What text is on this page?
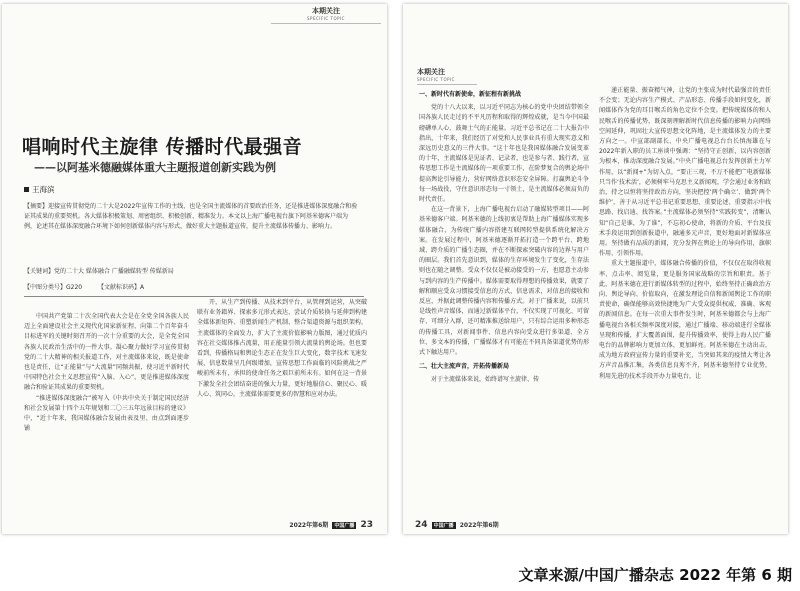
本期关注
SPECIFIC TOPIC
唱响时代主旋律 传播时代最强音
——以阿基米德融媒体重大主题报道创新实践为例
王海滨
【摘要】迎接宣传贯彻党的二十大是2022年宣传工作的主线，也是全国主流媒体的首要政治任务，还是推进媒体深度融合和验证其成果的重要契机。各大媒体积极策划、周密组织、积极创新、精准发力。本文以上海广播电视台旗下阿基米德客户端为例，论述其在媒体深度融合环境下如何创新媒体内容与形式，做好重大主题报道宣传，提升主流媒体传播力、影响力。
【关键词】党的二十大 媒体融合 广播融媒转型 传媒新局
【中图分类号】G220	【文献标识码】A

中国共产党第二十次全国代表大会是在全党全国各族人民迈上全面建设社会主义现代化国家新征程、向第二个百年奋斗目标进军的关键时刻召开的一次十分重要的大会，是全党全国各族人民政治生活中的一件大事。凝心聚力做好学习宣传贯彻党的二十大精神的相关报道工作，对主流媒体来说，既是使命也是责任，让“正能量”与“大流量”同频共振，使习近平新时代中国特色社会主义思想宣传“入脑、入心”，更是推进媒体深度融合和验证其成果的重要契机。

“推进媒体深度融合”被写入《中共中央关于制定国民经济和社会发展第十四个五年规划和二〇三五年远景目标的建议》中，“近十年来，我国媒体融合发展由表及里、由点到面逐步铺

开，从生产到传播、从技术到平台、从管理到运营，从突破联有业务籍界、探索多元形式表达、尝试介质转换与延伸到构建全媒体新矩阵、重塑新闻生产机制、整合渠道资源与组织架构，主流媒体的全面发力，扩大了主流价值影响力版图，通过优质内容在社交媒体推占流量，用正能量引领大流量的舆论场。但也要看到，传播格局和舆论生态正在发生巨大变化，数字技术飞速发展，信息数量呈几何级增加，宣传思想工作面临的风险挑战之严峻前所未有，承担的使命任务之艰巨前所未有。如何在这一背景下激发全社会团结奋进的强大力量，更好地服信心、聚民心、暖人心、筑同心，主流媒体需要更多的智慧和应对办法。

2022年第6期 中国广播 23
本期关注
SPECIFIC TOPIC

一、新时代有新使命，新征程有新挑战

党的十八大以来，以习近平同志为核心的党中央团结带领全国各族人民走过的不平凡历程和取得的辉煌成就，是当今中国最磅礴单人心、鼓舞士气的正能量。习近平总书记在二十大报告中指出，十年来，我们经历了对党和人民事业具有重大现实意义和深远历史意义的三件大事。“这十年也是我国媒体融合发展变革的十年，主流媒体是见证者、记录者，也是参与者、践行者，宣传思想工作是主流媒体的一项重要工作，在阶梦复合的舆论场中提高舆论引导能力，营好网络意识形态安全屏障。打赢舆论斗争每一场战役，守住意识形态每一寸领土，是主流媒体必须肩负的时代责任。

在这一背景下，上海广播电视台启动了融媒转型项目——阿基米德客户端。阿基米德的上线初衷是帮助上海广播媒体实现多媒体融合，为传统广播内容搭建互联网转型提供系统化解决方案。在发展过程中，阿基米德逐渐开拓打造一个跨平台、跨地域、跨介质的广播生态圈，并在不断探索突破内容的边界与用户的圈层。我们首先意识到，媒体的生存环境发生了变化，生存法则也在随之调整。受众不仅仅是被动接受的一方，也愿意主动参与到内容的生产传播中。媒体需要取得理想的传播效果，就要了解和顺应受众习惯接受信息的方式，信息需求，对信息的接收和反应，并据此调整传播内容和传播方式。对于广播来说，以前只是线性声音媒体，而通过新媒体平台，不仅实现了可视化、可留存、可细分入群，还可精准推送给用户，只有综合运用多种形态的传播工具，对新闻事件、信息内容向受众进行多渠道、全方位、多文本的传播，广播媒体才有可能在不同具备渠道优势的形式下触达用户。

二、壮大主流声音，开拓传播新局

对于主流媒体来说，始终谱写主旋律、传

递正能量、振奋精气神，让党的主张成为时代最强音的责任不会变；无论内容生产模式、产品形态、传播手段如何变化，新闻媒体作为党的耳目喉舌的角色定位不会变。把传统媒体的和人民喉舌的传播优势，既深刻理解新时代信息传播的影响力向网络空间延伸，巩固壮大宣传思想文化阵地，是主流媒体发力的主要方向之一。中宣部副部长、中央广播电视总台台长慎海雄在与2022年新入职的员工座谈中强调：“坚持守正创新，以内容创新为根本，推动深度融合发展。”中央广播电视总台发挥创新主力军作用，以“新闻+”为切入点，“要正三观，不万不能把广电新媒体只当作‘技术活’，必须树牢马克思主义新闻观，学会通过业务和政治，持之以恒将坚持政治方向，坚决把控‘两个确立’、做到‘两个维护’，善于从习近平总书记重要思想、重要论述、重要指示中找思路、找启迪、找答案。”主流媒体必须坚持“实践转变”，清晰认知“自己是谁，为了谁”，不忘初心使命，将新的介质、平台及技术手段运用到创新报道中，融通多元声音，更好地面对新媒体应用。坚持做有品质的新闻，充分发挥在舆论上的导向作用，旗帜作用、引领作用。

重大主题报道中，媒体融合传播的价值，不仅仅在取得收视率、点击率、阅览量，更是服务国家战略的宗旨和职责。基于此，阿基米德在进行新媒体转型的过程中，始终坚持正确政治方向、舆论导向、价值取向，在激发理论自信和新闻舆论工作的职责使命，确保能够高效快捷地为广大受众提供权威、准确、客观的新闻信息。在每一次重大事件发生时，阿基米德都会与上海广播电视台各相关频率深度对接，通过广播端、移动端进行全媒体呈现和传播，扩大覆盖面围，提升传播效率，使得上海人民广播电台的品牌影响力更加立体、更加鲜亮。阿基米德在主动出击，成为地方政府宣传力量的重要补充，当突如其来的疫情大考让各方声音品推汇集，各类信息良莠不齐，阿基米德坚持专业优势，利用先进的技术手段开办力量电台，让

24 中国广播 2022年第6期
文章来源/中国广播杂志 2022 年第 6 期
